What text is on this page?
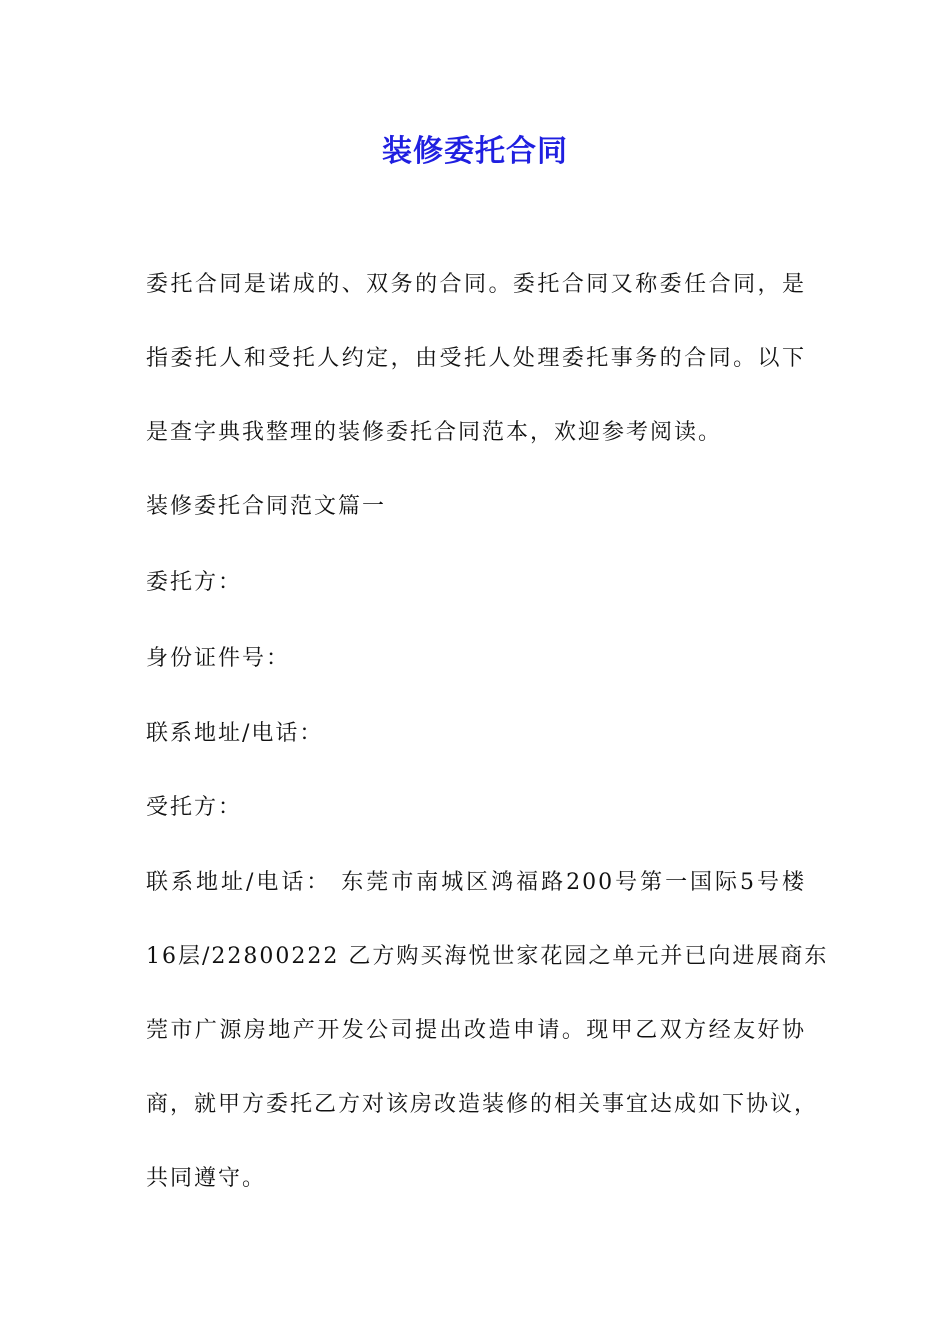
装修委托合同
委托合同是诺成的、双务的合同。委托合同又称委任合同，是
指委托人和受托人约定，由受托人处理委托事务的合同。以下
是查字典我整理的装修委托合同范本，欢迎参考阅读。
装修委托合同范文篇一
委托方：
身份证件号：
联系地址/电话：
受托方：
联系地址/电话： 东莞市南城区鸿福路200号第一国际5号楼
16层/22800222 乙方购买海悦世家花园之单元并已向进展商东
莞市广源房地产开发公司提出改造申请。现甲乙双方经友好协
商，就甲方委托乙方对该房改造装修的相关事宜达成如下协议，
共同遵守。
